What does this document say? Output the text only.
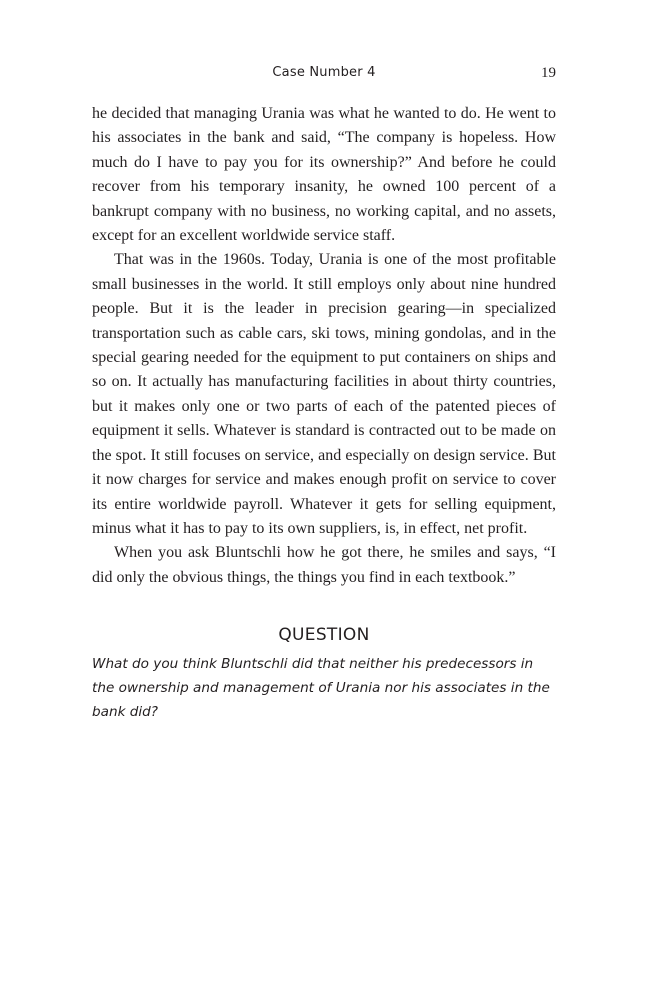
Case Number 4	19

he decided that managing Urania was what he wanted to do. He went to his associates in the bank and said, “The company is hopeless. How much do I have to pay you for its ownership?” And before he could recover from his temporary insanity, he owned 100 percent of a bankrupt company with no business, no working capital, and no assets, except for an excellent worldwide service staff.

That was in the 1960s. Today, Urania is one of the most profitable small businesses in the world. It still employs only about nine hundred people. But it is the leader in precision gearing—in specialized transportation such as cable cars, ski tows, mining gondolas, and in the special gearing needed for the equipment to put containers on ships and so on. It actually has manufacturing facilities in about thirty countries, but it makes only one or two parts of each of the patented pieces of equipment it sells. Whatever is standard is contracted out to be made on the spot. It still focuses on service, and especially on design service. But it now charges for service and makes enough profit on service to cover its entire worldwide payroll. Whatever it gets for selling equipment, minus what it has to pay to its own suppliers, is, in effect, net profit.

When you ask Bluntschli how he got there, he smiles and says, “I did only the obvious things, the things you find in each textbook.”

QUESTION

What do you think Bluntschli did that neither his predecessors in the ownership and management of Urania nor his associates in the bank did?
